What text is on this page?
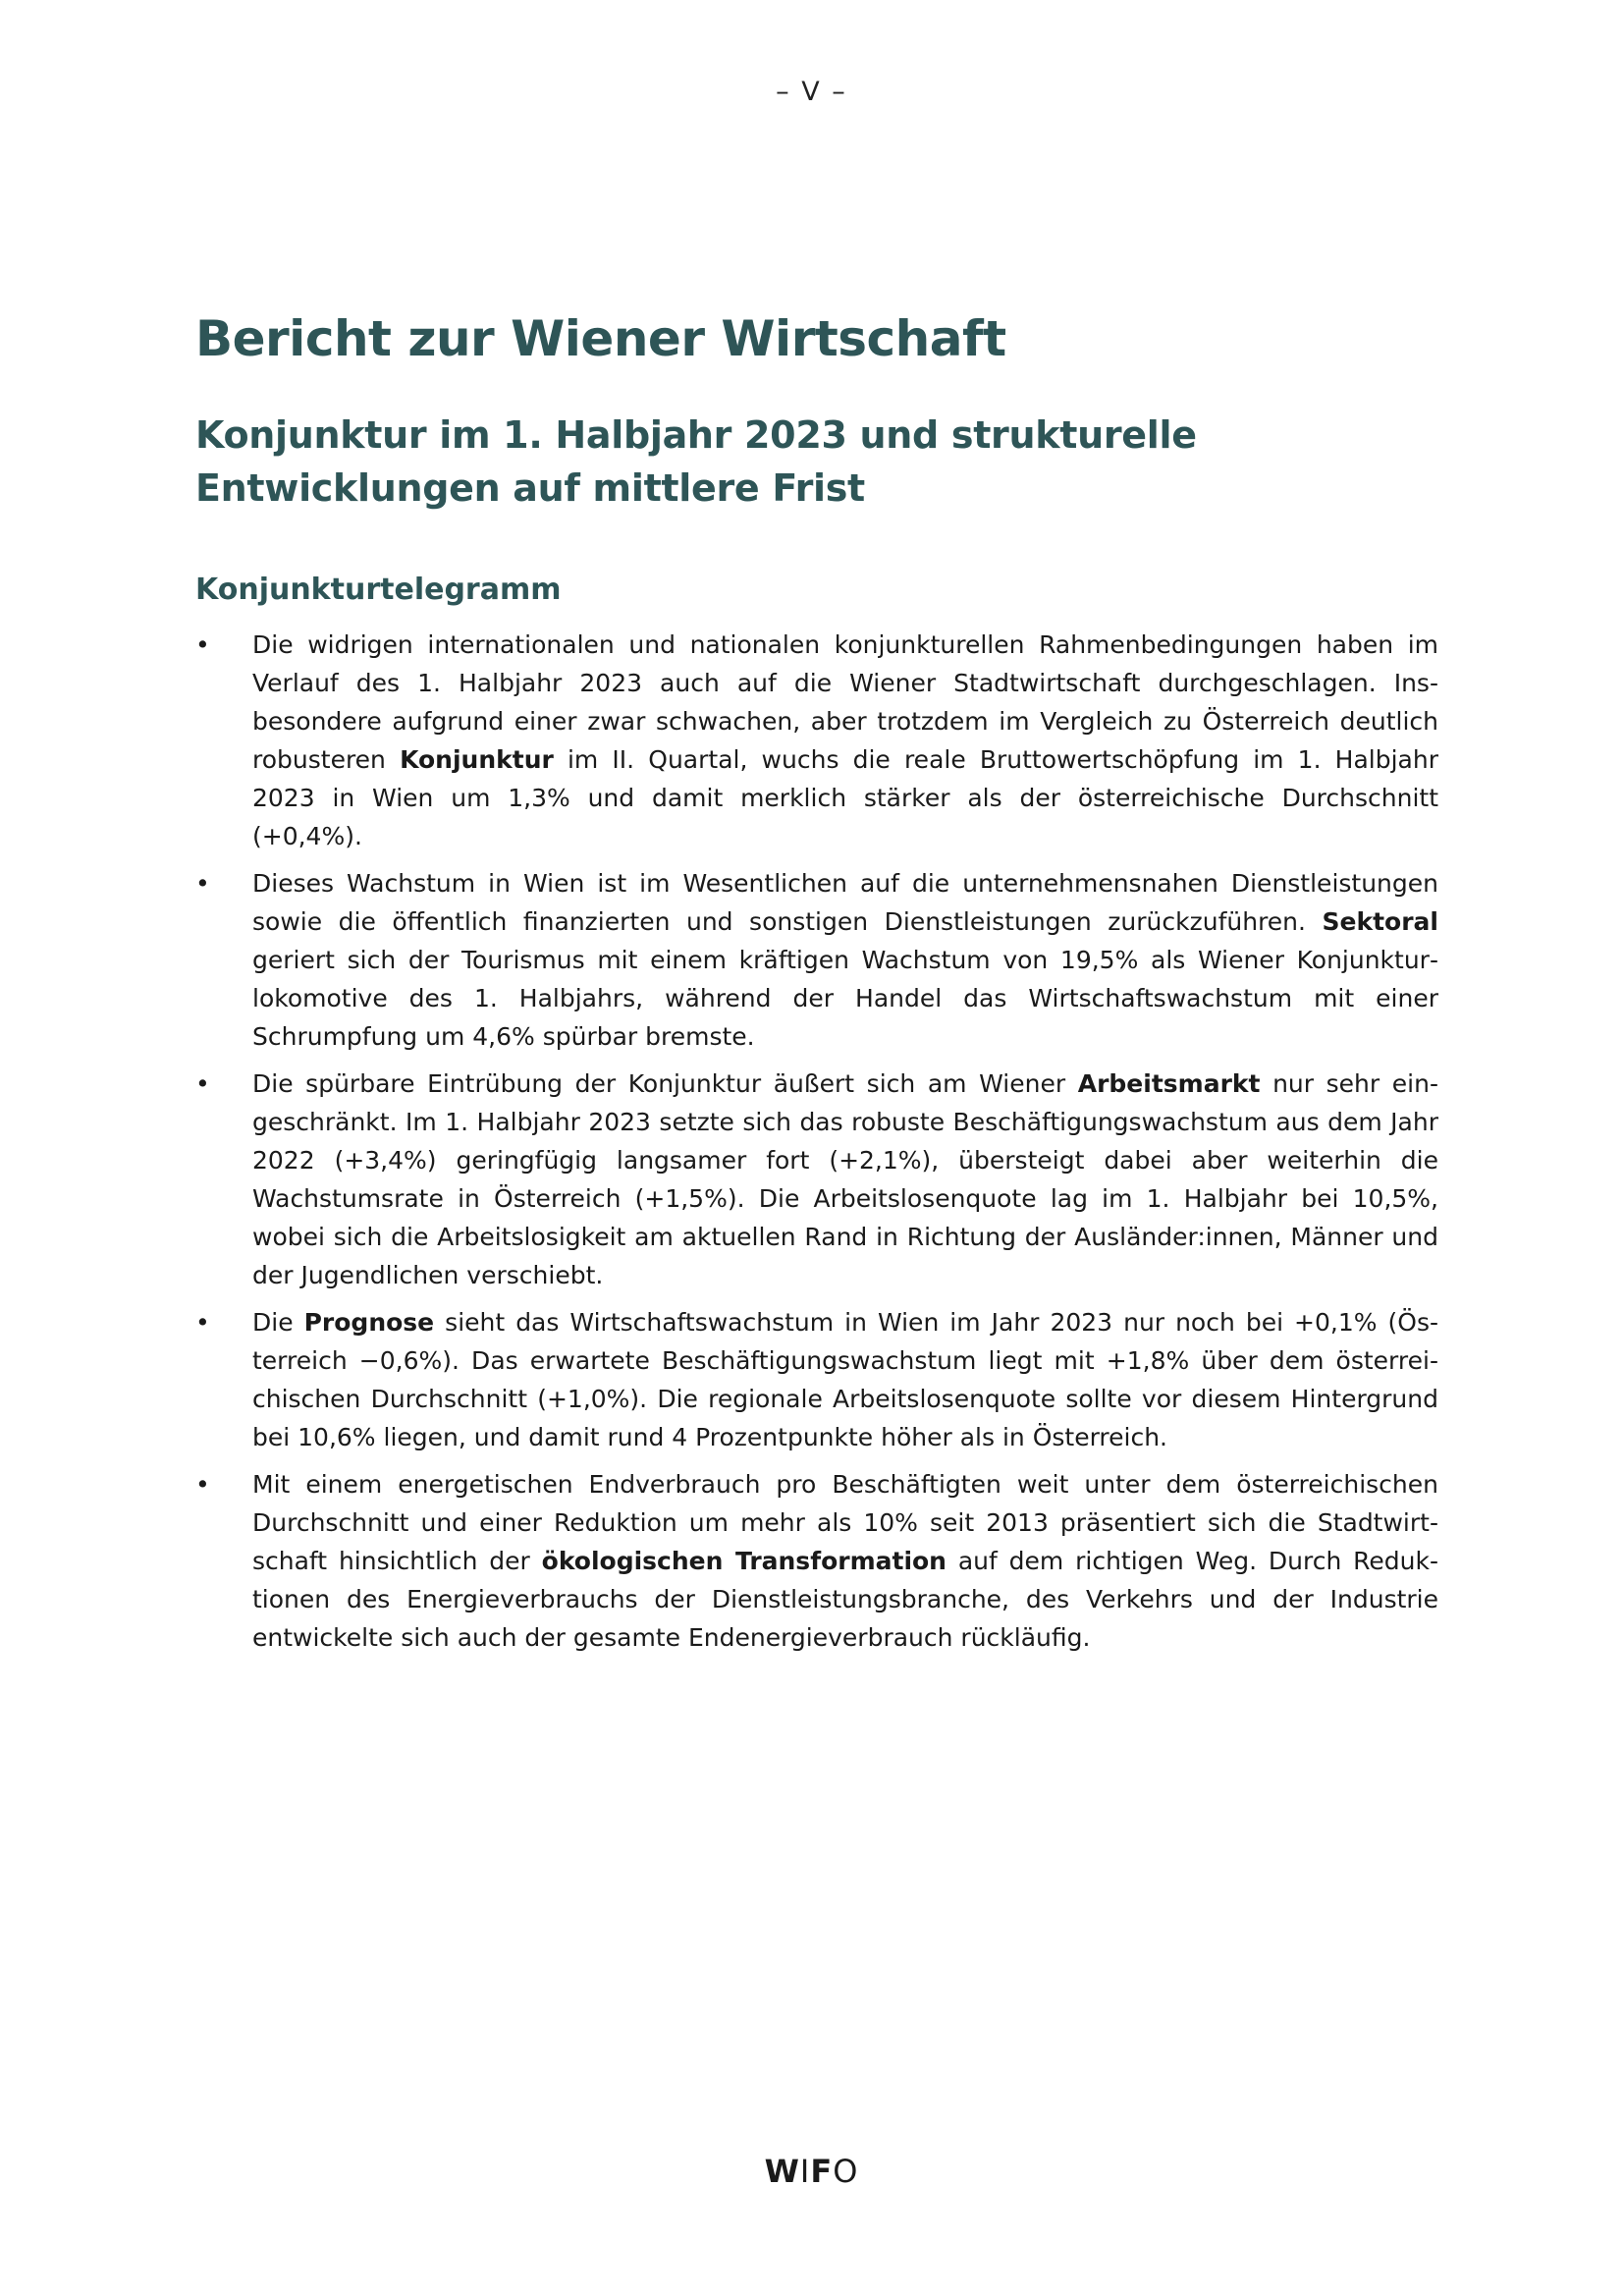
– V –
Bericht zur Wiener Wirtschaft
Konjunktur im 1. Halbjahr 2023 und strukturelle
Entwicklungen auf mittlere Frist
Konjunkturtelegramm
• Die widrigen internationalen und nationalen konjunkturellen Rahmenbedingungen haben im Verlauf des 1. Halbjahr 2023 auch auf die Wiener Stadtwirtschaft durchgeschlagen. Insbesondere aufgrund einer zwar schwachen, aber trotzdem im Vergleich zu Österreich deutlich robusteren Konjunktur im II. Quartal, wuchs die reale Bruttowertschöpfung im 1. Halbjahr 2023 in Wien um 1,3% und damit merklich stärker als der österreichische Durchschnitt (+0,4%).
• Dieses Wachstum in Wien ist im Wesentlichen auf die unternehmensnahen Dienstleistungen sowie die öffentlich finanzierten und sonstigen Dienstleistungen zurückzuführen. Sektoral geriert sich der Tourismus mit einem kräftigen Wachstum von 19,5% als Wiener Konjunkturlokomotive des 1. Halbjahrs, während der Handel das Wirtschaftswachstum mit einer Schrumpfung um 4,6% spürbar bremste.
• Die spürbare Eintrübung der Konjunktur äußert sich am Wiener Arbeitsmarkt nur sehr eingeschränkt. Im 1. Halbjahr 2023 setzte sich das robuste Beschäftigungswachstum aus dem Jahr 2022 (+3,4%) geringfügig langsamer fort (+2,1%), übersteigt dabei aber weiterhin die Wachstumsrate in Österreich (+1,5%). Die Arbeitslosenquote lag im 1. Halbjahr bei 10,5%, wobei sich die Arbeitslosigkeit am aktuellen Rand in Richtung der Ausländer:innen, Männer und der Jugendlichen verschiebt.
• Die Prognose sieht das Wirtschaftswachstum in Wien im Jahr 2023 nur noch bei +0,1% (Österreich −0,6%). Das erwartete Beschäftigungswachstum liegt mit +1,8% über dem österreichischen Durchschnitt (+1,0%). Die regionale Arbeitslosenquote sollte vor diesem Hintergrund bei 10,6% liegen, und damit rund 4 Prozentpunkte höher als in Österreich.
• Mit einem energetischen Endverbrauch pro Beschäftigten weit unter dem österreichischen Durchschnitt und einer Reduktion um mehr als 10% seit 2013 präsentiert sich die Stadtwirtschaft hinsichtlich der ökologischen Transformation auf dem richtigen Weg. Durch Reduktionen des Energieverbrauchs der Dienstleistungsbranche, des Verkehrs und der Industrie entwickelte sich auch der gesamte Endenergieverbrauch rückläufig.
WIFO
